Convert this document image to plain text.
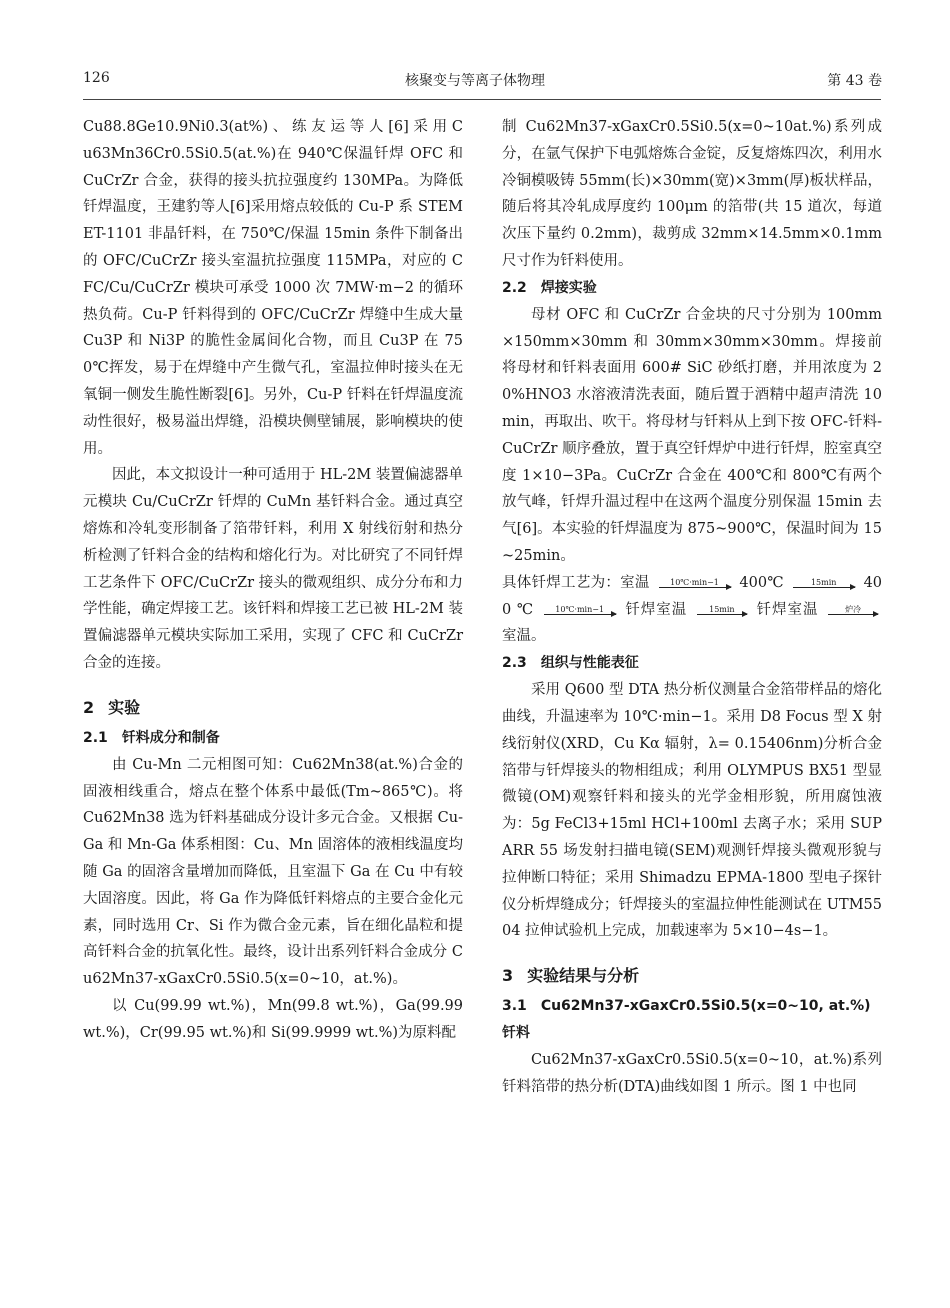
126	核聚变与等离子体物理	第 43 卷

Cu88.8Ge10.9Ni0.3(at%) 、 练 友 运 等 人 [6] 采 用 Cu63Mn36Cr0.5Si0.5(at.%)在 940℃保温钎焊 OFC 和 CuCrZr 合金，获得的接头抗拉强度约 130MPa。为降低钎焊温度，王建豹等人[6]采用熔点较低的 Cu-P 系 STEMET-1101 非晶钎料，在 750℃/保温 15min 条件下制备出的 OFC/CuCrZr 接头室温抗拉强度 115MPa，对应的 CFC/Cu/CuCrZr 模块可承受 1000 次 7MW·m−2 的循环热负荷。Cu-P 钎料得到的 OFC/CuCrZr 焊缝中生成大量 Cu3P 和 Ni3P 的脆性金属间化合物，而且 Cu3P 在 750℃挥发，易于在焊缝中产生微气孔，室温拉伸时接头在无氧铜一侧发生脆性断裂[6]。另外，Cu-P 钎料在钎焊温度流动性很好，极易溢出焊缝，沿模块侧壁铺展，影响模块的使用。

因此，本文拟设计一种可适用于 HL-2M 装置偏滤器单元模块 Cu/CuCrZr 钎焊的 CuMn 基钎料合金。通过真空熔炼和冷轧变形制备了箔带钎料，利用 X 射线衍射和热分析检测了钎料合金的结构和熔化行为。对比研究了不同钎焊工艺条件下 OFC/CuCrZr 接头的微观组织、成分分布和力学性能，确定焊接工艺。该钎料和焊接工艺已被 HL-2M 装置偏滤器单元模块实际加工采用，实现了 CFC 和 CuCrZr 合金的连接。

2 实验
2.1 钎料成分和制备

由 Cu-Mn 二元相图可知：Cu62Mn38(at.%)合金的固液相线重合，熔点在整个体系中最低(Tm~865℃)。将 Cu62Mn38 选为钎料基础成分设计多元合金。又根据 Cu-Ga 和 Mn-Ga 体系相图：Cu、Mn 固溶体的液相线温度均随 Ga 的固溶含量增加而降低，且室温下 Ga 在 Cu 中有较大固溶度。因此，将 Ga 作为降低钎料熔点的主要合金化元素，同时选用 Cr、Si 作为微合金元素，旨在细化晶粒和提高钎料合金的抗氧化性。最终，设计出系列钎料合金成分 Cu62Mn37-xGaxCr0.5Si0.5(x=0~10，at.%)。

以 Cu(99.99 wt.%)，Mn(99.8 wt.%)，Ga(99.99 wt.%)，Cr(99.95 wt.%)和 Si(99.9999 wt.%)为原料配

制 Cu62Mn37-xGaxCr0.5Si0.5(x=0~10at.%)系列成分，在氩气保护下电弧熔炼合金锭，反复熔炼四次，利用水冷铜模吸铸 55mm(长)×30mm(宽)×3mm(厚)板状样品，随后将其冷轧成厚度约 100μm 的箔带(共 15 道次，每道次压下量约 0.2mm)，裁剪成 32mm×14.5mm×0.1mm 尺寸作为钎料使用。

2.2 焊接实验

母材 OFC 和 CuCrZr 合金块的尺寸分别为 100mm×150mm×30mm 和 30mm×30mm×30mm。焊接前将母材和钎料表面用 600# SiC 砂纸打磨，并用浓度为 20%HNO3 水溶液清洗表面，随后置于酒精中超声清洗 10min，再取出、吹干。将母材与钎料从上到下按 OFC-钎料-CuCrZr 顺序叠放，置于真空钎焊炉中进行钎焊，腔室真空度 1×10−3Pa。CuCrZr 合金在 400℃和 800℃有两个放气峰，钎焊升温过程中在这两个温度分别保温 15min 去气[6]。本实验的钎焊温度为 875~900℃，保温时间为 15~25min。

具体钎焊工艺为：室温	10℃·min−1	400℃	15min	400 ℃	10℃·min−1	钎焊室温	15min	钎焊室温	炉冷
室温。

2.3 组织与性能表征

采用 Q600 型 DTA 热分析仪测量合金箔带样品的熔化曲线，升温速率为 10℃·min−1。采用 D8 Focus 型 X 射线衍射仪(XRD，Cu Kα 辐射，λ= 0.15406nm)分析合金箔带与钎焊接头的物相组成；利用 OLYMPUS BX51 型显微镜(OM)观察钎料和接头的光学金相形貌，所用腐蚀液为：5g FeCl3+15ml HCl+100ml 去离子水；采用 SUPARR 55 场发射扫描电镜(SEM)观测钎焊接头微观形貌与拉伸断口特征；采用 Shimadzu EPMA-1800 型电子探针仪分析焊缝成分；钎焊接头的室温拉伸性能测试在 UTM5504 拉伸试验机上完成，加载速率为 5×10−4s−1。

3 实验结果与分析
3.1 Cu62Mn37-xGaxCr0.5Si0.5(x=0~10, at.%)钎料

Cu62Mn37-xGaxCr0.5Si0.5(x=0~10，at.%)系列钎料箔带的热分析(DTA)曲线如图 1 所示。图 1 中也同
